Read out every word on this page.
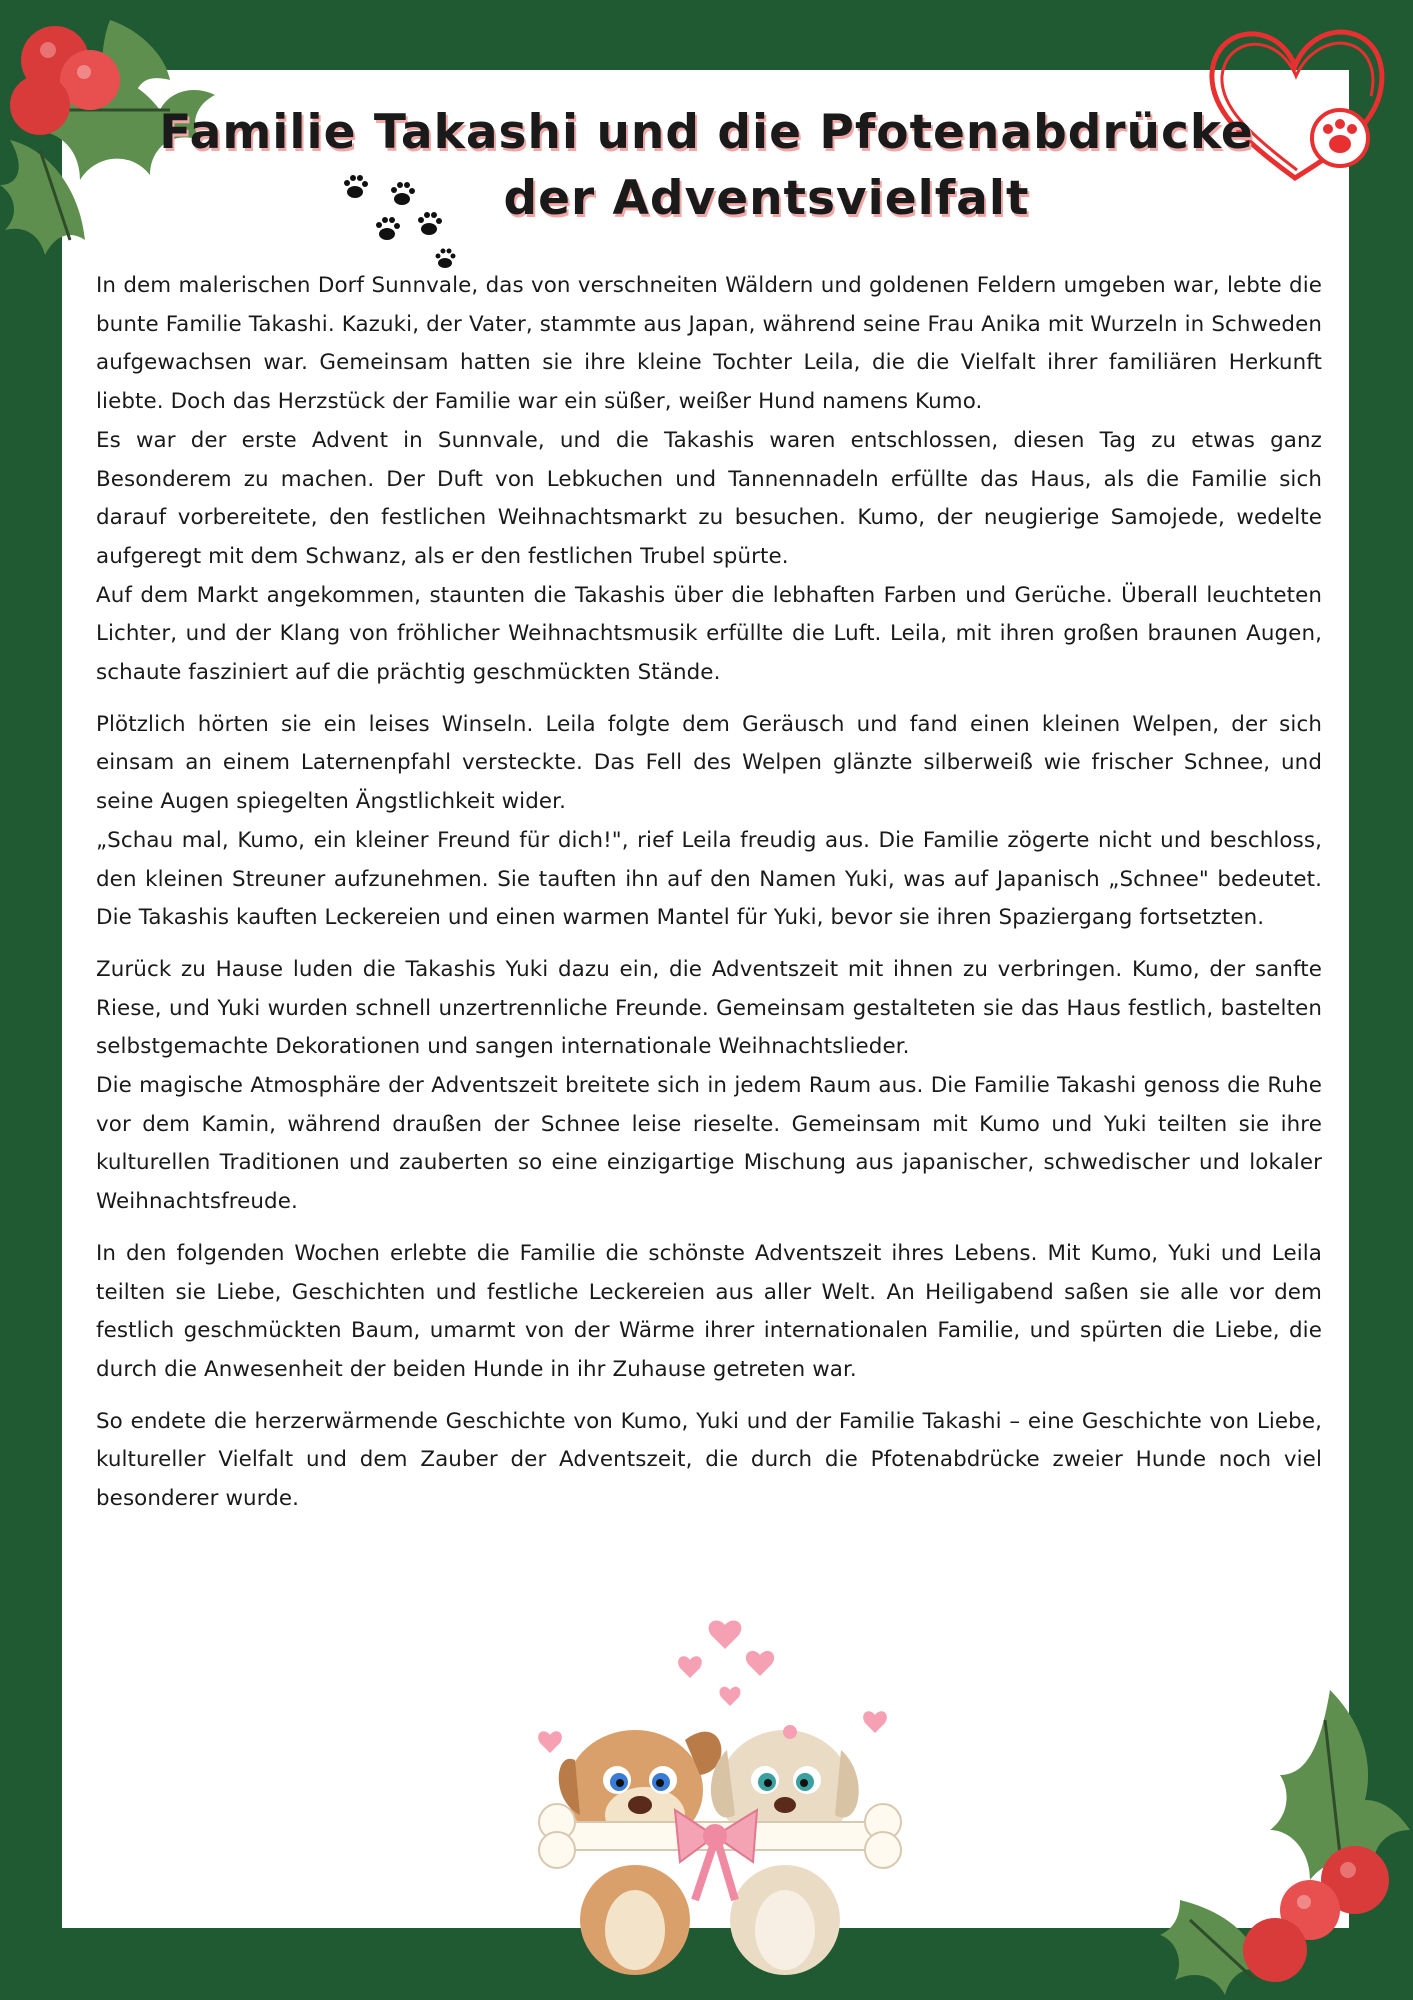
Familie Takashi und die Pfotenabdrücke
der Adventsvielfalt

In dem malerischen Dorf Sunnvale, das von verschneiten Wäldern und goldenen Feldern umgeben war, lebte die bunte Familie Takashi. Kazuki, der Vater, stammte aus Japan, während seine Frau Anika mit Wurzeln in Schweden aufgewachsen war. Gemeinsam hatten sie ihre kleine Tochter Leila, die die Vielfalt ihrer familiären Herkunft liebte. Doch das Herzstück der Familie war ein süßer, weißer Hund namens Kumo.

Es war der erste Advent in Sunnvale, und die Takashis waren entschlossen, diesen Tag zu etwas ganz Besonderem zu machen. Der Duft von Lebkuchen und Tannennadeln erfüllte das Haus, als die Familie sich darauf vorbereitete, den festlichen Weihnachtsmarkt zu besuchen. Kumo, der neugierige Samojede, wedelte aufgeregt mit dem Schwanz, als er den festlichen Trubel spürte.

Auf dem Markt angekommen, staunten die Takashis über die lebhaften Farben und Gerüche. Überall leuchteten Lichter, und der Klang von fröhlicher Weihnachtsmusik erfüllte die Luft. Leila, mit ihren großen braunen Augen, schaute fasziniert auf die prächtig geschmückten Stände.

Plötzlich hörten sie ein leises Winseln. Leila folgte dem Geräusch und fand einen kleinen Welpen, der sich einsam an einem Laternenpfahl versteckte. Das Fell des Welpen glänzte silberweiß wie frischer Schnee, und seine Augen spiegelten Ängstlichkeit wider.

„Schau mal, Kumo, ein kleiner Freund für dich!", rief Leila freudig aus. Die Familie zögerte nicht und beschloss, den kleinen Streuner aufzunehmen. Sie tauften ihn auf den Namen Yuki, was auf Japanisch „Schnee" bedeutet. Die Takashis kauften Leckereien und einen warmen Mantel für Yuki, bevor sie ihren Spaziergang fortsetzten.

Zurück zu Hause luden die Takashis Yuki dazu ein, die Adventszeit mit ihnen zu verbringen. Kumo, der sanfte Riese, und Yuki wurden schnell unzertrennliche Freunde. Gemeinsam gestalteten sie das Haus festlich, bastelten selbstgemachte Dekorationen und sangen internationale Weihnachtslieder.

Die magische Atmosphäre der Adventszeit breitete sich in jedem Raum aus. Die Familie Takashi genoss die Ruhe vor dem Kamin, während draußen der Schnee leise rieselte. Gemeinsam mit Kumo und Yuki teilten sie ihre kulturellen Traditionen und zauberten so eine einzigartige Mischung aus japanischer, schwedischer und lokaler Weihnachtsfreude.

In den folgenden Wochen erlebte die Familie die schönste Adventszeit ihres Lebens. Mit Kumo, Yuki und Leila teilten sie Liebe, Geschichten und festliche Leckereien aus aller Welt. An Heiligabend saßen sie alle vor dem festlich geschmückten Baum, umarmt von der Wärme ihrer internationalen Familie, und spürten die Liebe, die durch die Anwesenheit der beiden Hunde in ihr Zuhause getreten war.

So endete die herzerwärmende Geschichte von Kumo, Yuki und der Familie Takashi – eine Geschichte von Liebe, kultureller Vielfalt und dem Zauber der Adventszeit, die durch die Pfotenabdrücke zweier Hunde noch viel besonderer wurde.
